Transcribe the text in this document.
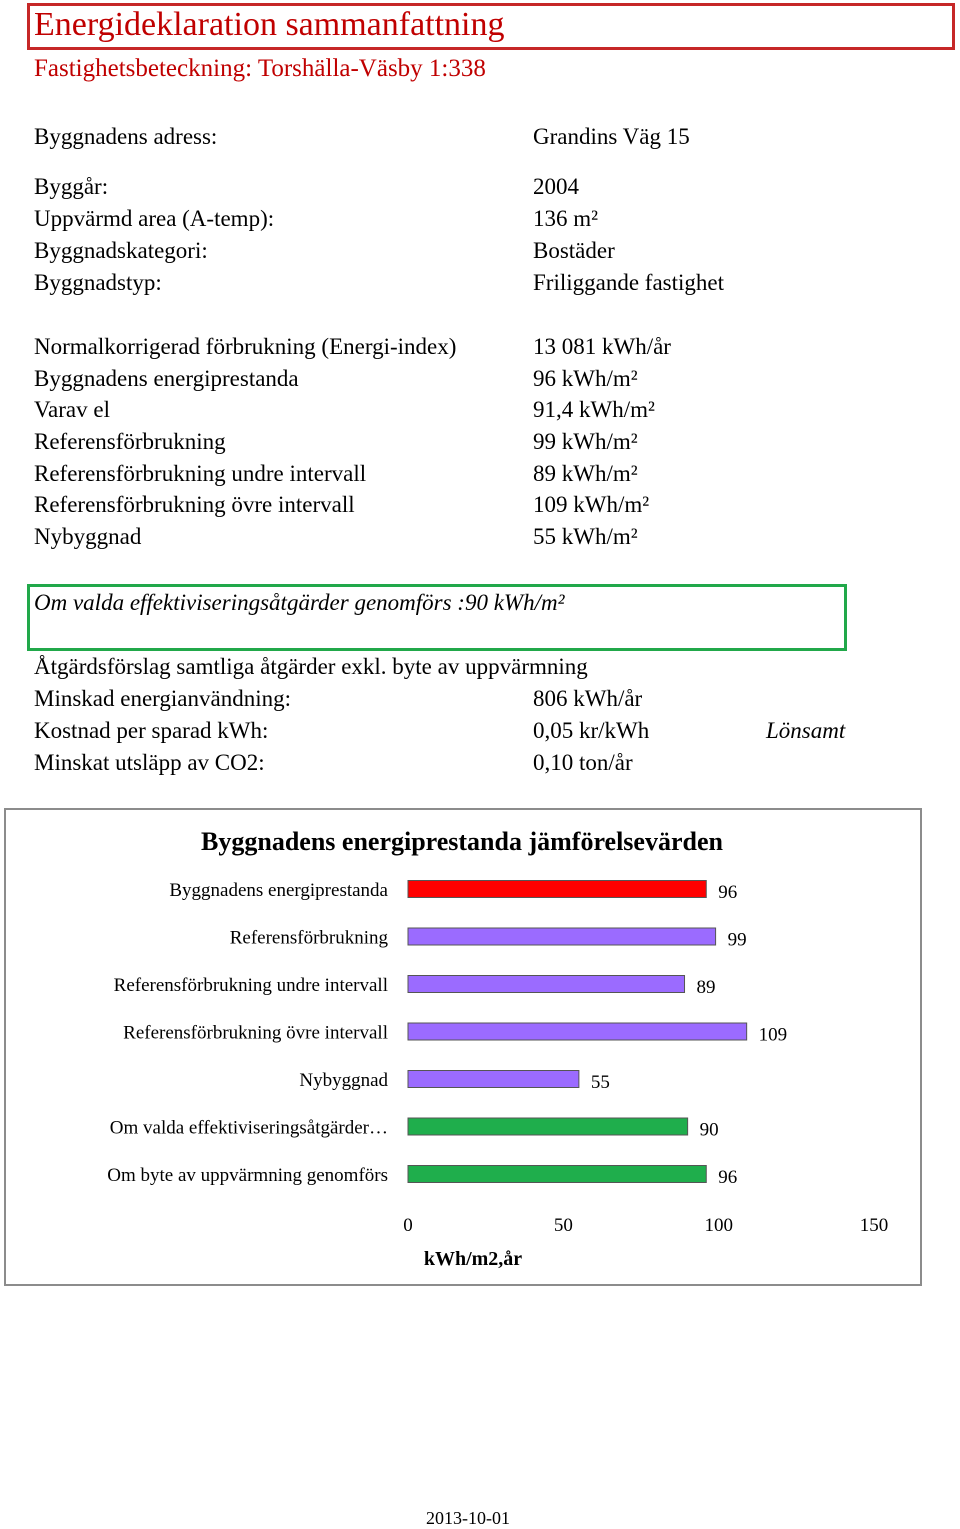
Energideklaration sammanfattning
Fastighetsbeteckning: Torshälla-Väsby 1:338
Byggnadens adress:	Grandins Väg 15
Byggår:	2004
Uppvärmd area (A-temp):	136 m²
Byggnadskategori:	Bostäder
Byggnadstyp:	Friliggande fastighet
Normalkorrigerad förbrukning (Energi-index)	13 081 kWh/år
Byggnadens energiprestanda	96 kWh/m²
Varav el	91,4 kWh/m²
Referensförbrukning	99 kWh/m²
Referensförbrukning undre intervall	89 kWh/m²
Referensförbrukning övre intervall	109 kWh/m²
Nybyggnad	55 kWh/m²
Om valda effektiviseringsåtgärder genomförs :90 kWh/m²
Åtgärdsförslag samtliga åtgärder exkl. byte av uppvärmning
Minskad energianvändning:	806 kWh/år
Kostnad per sparad kWh:	0,05 kr/kWh	Lönsamt
Minskat utsläpp av CO2:	0,10 ton/år
Byggnadens energiprestanda jämförelsevärden
Byggnadens energiprestanda	96
Referensförbrukning	99
Referensförbrukning undre intervall	89
Referensförbrukning övre intervall	109
Nybyggnad	55
Om valda effektiviseringsåtgärder…	90
Om byte av uppvärmning genomförs	96
0	50	100	150
kWh/m2,år
2013-10-01
